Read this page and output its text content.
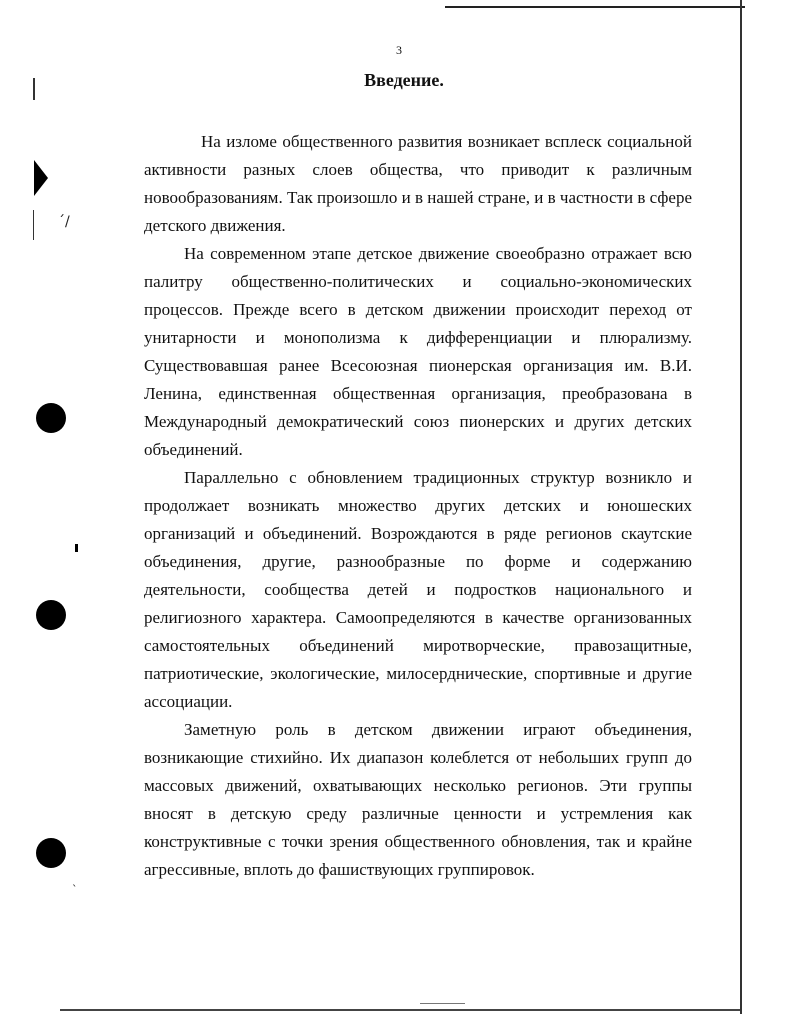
ˊ/
ˎ
3
Введение.

На изломе общественного развития возникает всплеск социальной активности разных слоев общества, что приводит к различным новообразованиям. Так произошло и в нашей стране, и в частности в сфере детского движения.

На современном этапе детское движение своеобразно отражает всю палитру общественно-политических и социально-экономических процессов. Прежде всего в детском движении происходит переход от унитарности и монополизма к дифференциации и плюрализму. Существовавшая ранее Всесоюзная пионерская организация им. В.И. Ленина, единственная общественная организация, преобразована в Международный демократический союз пионерских и других детских объединений.

Параллельно с обновлением традиционных структур возникло и продолжает возникать множество других детских и юношеских организаций и объединений. Возрождаются в ряде регионов скаутские объединения, другие, разнообразные по форме и содержанию деятельности, сообщества детей и подростков национального и религиозного характера. Самоопределяются в качестве организованных самостоятельных объединений миротворческие, правозащитные, патриотические, экологические, милосерднические, спортивные и другие ассоциации.

Заметную роль в детском движении играют объединения, возникающие стихийно. Их диапазон колеблется от небольших групп до массовых движений, охватывающих несколько регионов. Эти группы вносят в детскую среду различные ценности и устремления как конструктивные с точки зрения общественного обновления, так и крайне агрессивные, вплоть до фашиствующих группировок.
